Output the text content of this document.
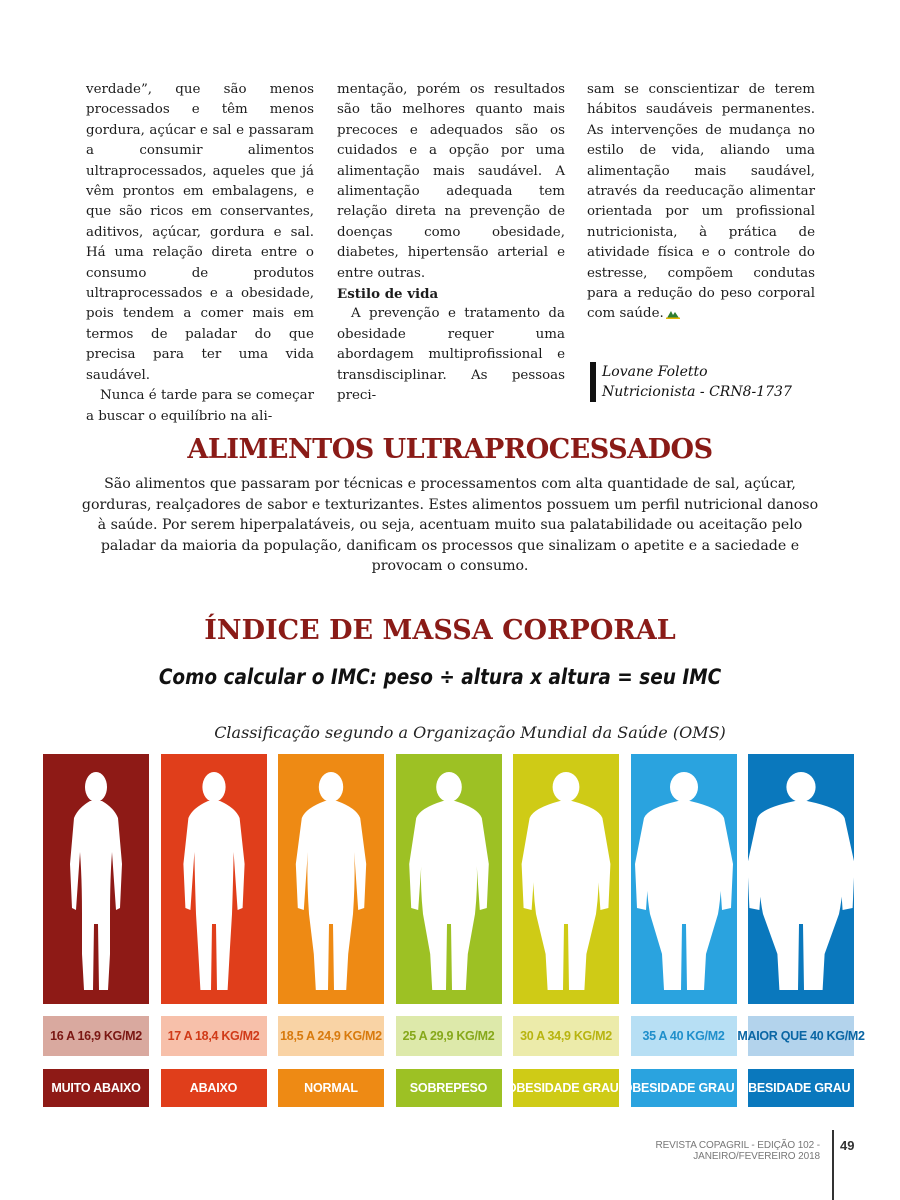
verdade”, que são menos processados e têm menos gordura, açúcar e sal e passaram a consumir alimentos ultraprocessados, aqueles que já vêm prontos em embalagens, e que são ricos em conservantes, aditivos, açúcar, gordura e sal. Há uma relação direta entre o consumo de produtos ultraprocessados e a obesidade, pois tendem a comer mais em termos de paladar do que precisa para ter uma vida saudável.

Nunca é tarde para se começar a buscar o equilíbrio na ali-

mentação, porém os resultados são tão melhores quanto mais precoces e adequados são os cuidados e a opção por uma alimentação mais saudável. A alimentação adequada tem relação direta na prevenção de doenças como obesidade, diabetes, hipertensão arterial e entre outras.

Estilo de vida

A prevenção e tratamento da obesidade requer uma abordagem multiprofissional e transdisciplinar. As pessoas preci-

sam se conscientizar de terem hábitos saudáveis permanentes. As intervenções de mudança no estilo de vida, aliando uma alimentação mais saudável, através da reeducação alimentar orientada por um profissional nutricionista, à prática de atividade física e o controle do estresse, compõem condutas para a redução do peso corporal com saúde.

Lovane Foletto
Nutricionista - CRN8-1737
ALIMENTOS ULTRAPROCESSADOS
São alimentos que passaram por técnicas e processamentos com alta quantidade de sal, açúcar, gorduras, realçadores de sabor e texturizantes. Estes alimentos possuem um perfil nutricional danoso à saúde. Por serem hiperpalatáveis, ou seja, acentuam muito sua palatabilidade ou aceitação pelo paladar da maioria da população, danificam os processos que sinalizam o apetite e a saciedade e provocam o consumo.
ÍNDICE DE MASSA CORPORAL
Como calcular o IMC: peso ÷ altura x altura = seu IMC
Classificação segundo a Organização Mundial da Saúde (OMS)
16 A 16,9 KG/M2
MUITO ABAIXO
17 A 18,4 KG/M2
ABAIXO
18,5 A 24,9 KG/M2
NORMAL
25 A 29,9 KG/M2
SOBREPESO
30 A 34,9 KG/M2
OBESIDADE GRAU I
35 A 40 KG/M2
OBESIDADE GRAU II
MAIOR QUE 40 KG/M2
OBESIDADE GRAU III
REVISTA COPAGRIL - EDIÇÃO 102 - JANEIRO/FEVEREIRO 2018
49
